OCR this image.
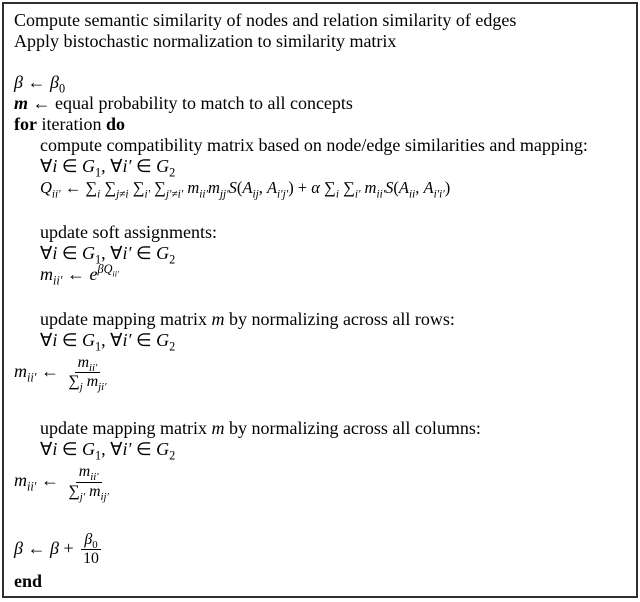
Compute semantic similarity of nodes and relation similarity of edges
Apply bistochastic normalization to similarity matrix
β ← $\beta_0$
m ← equal probability to match to all concepts
for iteration do
compute compatibility matrix based on node/edge similarities and mapping:
∀i ∈ $G_1$, ∀i′ ∈ $G_2$
$Q_{ii'}$ ← $\sum_i$ $\sum_{j\ne i}$ $\sum_{i'}$ $\sum_{j'\ne i'}$ $m_{ii'}m_{jj'}S(A_{ij}$, $A_{i'j'}) + \alpha$ $\sum_i$ $\sum_{i'}$ $m_{ii'}S(A_{ii}$, $A_{i'i'}$)
update soft assignments:
∀i ∈ $G_1$, ∀i′ ∈ $G_2$
$m_{ii'}$ ← $e^{\beta Q_{ii'}}$
update mapping matrix m by normalizing across all rows:
∀i ∈ $G_1$, ∀i′ ∈ $G_2$
$m_{ii'}$ ← $\frac{m_{ii'}}{\sum_j m_{ji'}}$
update mapping matrix m by normalizing across all columns:
∀i ∈ $G_1$, ∀i′ ∈ $G_2$
$m_{ii'}$ ← $\frac{m_{ii'}}{\sum_{j'} m_{ij'}}$
β ← $\beta + \frac{\beta_0}{10}$
end
